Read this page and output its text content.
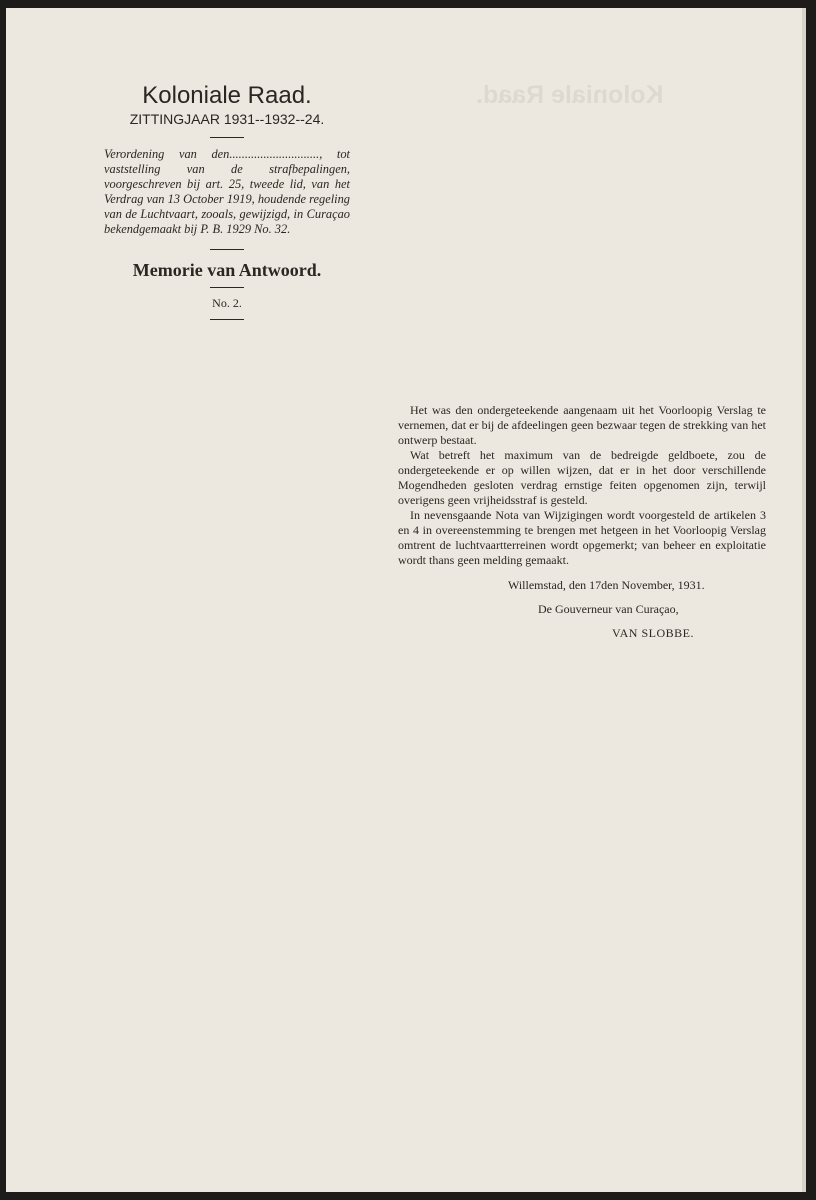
Koloniale Raad.
Koloniale Raad.

ZITTINGJAAR 1931--1932--24.

Verordening van den............................., tot vaststelling van de strafbepalingen, voorgeschreven bij art. 25, tweede lid, van het Verdrag van 13 October 1919, houdende regeling van de Luchtvaart, zooals, gewijzigd, in Curaçao bekendgemaakt bij P. B. 1929 No. 32.

Memorie van Antwoord.

No. 2.

Het was den ondergeteekende aangenaam uit het Voorloopig Verslag te vernemen, dat er bij de afdeelingen geen bezwaar tegen de strekking van het ontwerp bestaat.

Wat betreft het maximum van de bedreigde geldboete, zou de ondergeteekende er op willen wijzen, dat er in het door verschillende Mogendheden gesloten verdrag ernstige feiten opgenomen zijn, terwijl overigens geen vrijheidsstraf is gesteld.

In nevensgaande Nota van Wijzigingen wordt voorgesteld de artikelen 3 en 4 in overeenstemming te brengen met hetgeen in het Voorloopig Verslag omtrent de luchtvaartterreinen wordt opgemerkt; van beheer en exploitatie wordt thans geen melding gemaakt.

Willemstad, den 17den November, 1931.
De Gouverneur van Curaçao,
VAN SLOBBE.
